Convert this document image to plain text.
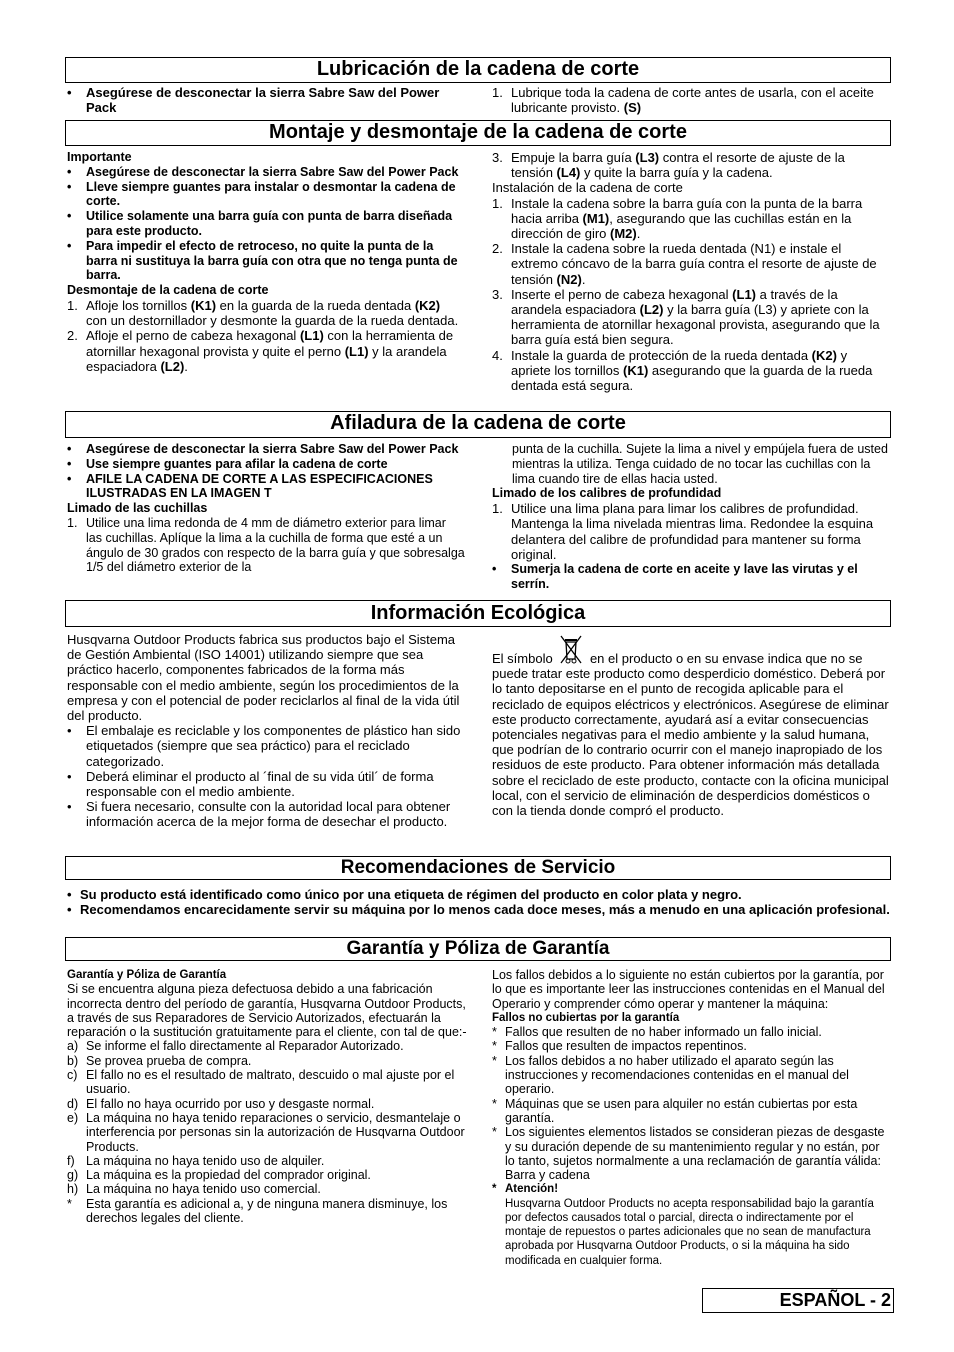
Lubricación de la cadena de corte
• Asegúrese de desconectar la sierra Sabre Saw del Power Pack
1. Lubrique toda la cadena de corte antes de usarla, con el aceite lubricante provisto. (S)
Montaje y desmontaje de la cadena de corte
Importante
• Asegúrese de desconectar la sierra Sabre Saw del Power Pack
• Lleve siempre guantes para instalar o desmontar la cadena de corte.
• Utilice solamente una barra guía con punta de barra diseñada para este producto.
• Para impedir el efecto de retroceso, no quite la punta de la barra ni sustituya la barra guía con otra que no tenga punta de barra.
Desmontaje de la cadena de corte
1. Afloje los tornillos (K1) en la guarda de la rueda dentada (K2) con un destornillador y desmonte la guarda de la rueda dentada.
2. Afloje el perno de cabeza hexagonal (L1) con la herramienta de atornillar hexagonal provista y quite el perno (L1) y la arandela espaciadora (L2).
3. Empuje la barra guía (L3) contra el resorte de ajuste de la tensión (L4) y quite la barra guía y la cadena.
Instalación de la cadena de corte
1. Instale la cadena sobre la barra guía con la punta de la barra hacia arriba (M1), asegurando que las cuchillas están en la dirección de giro (M2).
2. Instale la cadena sobre la rueda dentada (N1) e instale el extremo cóncavo de la barra guía contra el resorte de ajuste de tensión (N2).
3. Inserte el perno de cabeza hexagonal (L1) a través de la arandela espaciadora (L2) y la barra guía (L3) y apriete con la herramienta de atornillar hexagonal provista, asegurando que la barra guía está bien segura.
4. Instale la guarda de protección de la rueda dentada (K2) y apriete los tornillos (K1) asegurando que la guarda de la rueda dentada está segura.
Afiladura de la cadena de corte
• Asegúrese de desconectar la sierra Sabre Saw del Power Pack
• Use siempre guantes para afilar la cadena de corte
• AFILE LA CADENA DE CORTE A LAS ESPECIFICACIONES ILUSTRADAS EN LA IMAGEN T
Limado de las cuchillas
1. Utilice una lima redonda de 4 mm de diámetro exterior para limar las cuchillas. Aplíque la lima a la cuchilla de forma que esté a un ángulo de 30 grados con respecto de la barra guía y que sobresalga 1/5 del diámetro exterior de la
punta de la cuchilla. Sujete la lima a nivel y empújela fuera de usted mientras la utiliza. Tenga cuidado de no tocar las cuchillas con la lima cuando tire de ellas hacia usted.
Limado de los calibres de profundidad
1. Utilice una lima plana para limar los calibres de profundidad. Mantenga la lima nivelada mientras lima. Redondee la esquina delantera del calibre de profundidad para mantener su forma original.
• Sumerja la cadena de corte en aceite y lave las virutas y el serrín.
Información Ecológica
Husqvarna Outdoor Products fabrica sus productos bajo el Sistema de Gestión Ambiental (ISO 14001) utilizando siempre que sea práctico hacerlo, componentes fabricados de la forma más responsable con el medio ambiente, según los procedimientos de la empresa y con el potencial de poder reciclarlos al final de la vida útil del producto.
• El embalaje es reciclable y los componentes de plástico han sido etiquetados (siempre que sea práctico) para el reciclado categorizado.
• Deberá eliminar el producto al ´final de su vida útil´ de forma responsable con el medio ambiente.
• Si fuera necesario, consulte con la autoridad local para obtener información acerca de la mejor forma de desechar el producto.
El símbolo	en el producto o en su envase indica que no se puede tratar este producto como desperdicio doméstico. Deberá por lo tanto depositarse en el punto de recogida aplicable para el reciclado de equipos eléctricos y electrónicos. Asegúrese de eliminar este producto correctamente, ayudará así a evitar consecuencias potenciales negativas para el medio ambiente y la salud humana, que podrían de lo contrario ocurrir con el manejo inapropiado de los residuos de este producto. Para obtener información más detallada sobre el reciclado de este producto, contacte con la oficina municipal local, con el servicio de eliminación de desperdicios domésticos o con la tienda donde compró el producto.
Recomendaciones de Servicio
• Su producto está identificado como único por una etiqueta de régimen del producto en color plata y negro.
• Recomendamos encarecidamente servir su máquina por lo menos cada doce meses, más a menudo en una aplicación profesional.
Garantía y Póliza de Garantía
Garantía y Póliza de Garantía
Si se encuentra alguna pieza defectuosa debido a una fabricación incorrecta dentro del período de garantía, Husqvarna Outdoor Products, a través de sus Reparadores de Servicio Autorizados, efectuarán la reparación o la sustitución gratuitamente para el cliente, con tal de que:-
a) Se informe el fallo directamente al Reparador Autorizado.
b) Se provea prueba de compra.
c) El fallo no es el resultado de maltrato, descuido o mal ajuste por el usuario.
d) El fallo no haya ocurrido por uso y desgaste normal.
e) La máquina no haya tenido reparaciones o servicio, desmantelaje o interferencia por personas sin la autorización de Husqvarna Outdoor Products.
f) La máquina no haya tenido uso de alquiler.
g) La máquina es la propiedad del comprador original.
h) La máquina no haya tenido uso comercial.
* Esta garantía es adicional a, y de ninguna manera disminuye, los derechos legales del cliente.
Los fallos debidos a lo siguiente no están cubiertos por la garantía, por lo que es importante leer las instrucciones contenidas en el Manual del Operario y comprender cómo operar y mantener la máquina:
Fallos no cubiertas por la garantía
* Fallos que resulten de no haber informado un fallo inicial.
* Fallos que resulten de impactos repentinos.
* Los fallos debidos a no haber utilizado el aparato según las instrucciones y recomendaciones contenidas en el manual del operario.
* Máquinas que se usen para alquiler no están cubiertas por esta garantía.
* Los siguientes elementos listados se consideran piezas de desgaste y su duración depende de su mantenimiento regular y no están, por lo tanto, sujetos normalmente a una reclamación de garantía válida: Barra y cadena
* Atención!
Husqvarna Outdoor Products no acepta responsabilidad bajo la garantía por defectos causados total o parcial, directa o indirectamente por el montaje de repuestos o partes adicionales que no sean de manufactura aprobada por Husqvarna Outdoor Products, o si la máquina ha sido modificada en cualquier forma.
ESPAÑOL - 2
